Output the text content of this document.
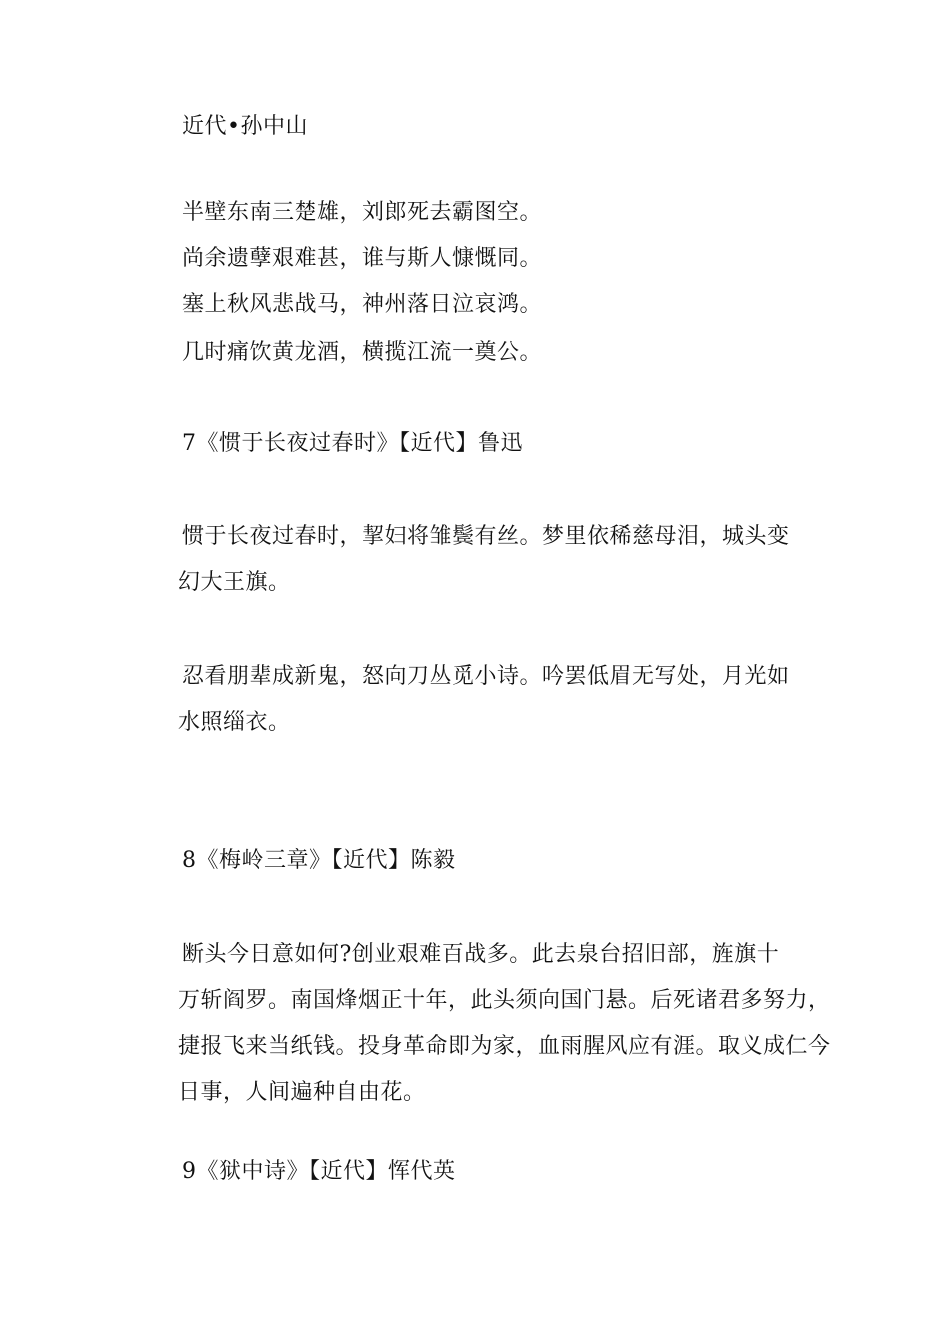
近代•孙中山
半壁东南三楚雄，刘郎死去霸图空。
尚余遗孽艰难甚，谁与斯人慷慨同。
塞上秋风悲战马，神州落日泣哀鸿。
几时痛饮黄龙酒，横揽江流一奠公。
7《惯于长夜过春时》【近代】鲁迅
惯于长夜过春时，挈妇将雏鬓有丝。梦里依稀慈母泪，城头变
幻大王旗。
忍看朋辈成新鬼，怒向刀丛觅小诗。吟罢低眉无写处，月光如
水照缁衣。
8《梅岭三章》【近代】陈毅
断头今日意如何?创业艰难百战多。此去泉台招旧部，旌旗十
万斩阎罗。南国烽烟正十年，此头须向国门悬。后死诸君多努力，
捷报飞来当纸钱。投身革命即为家，血雨腥风应有涯。取义成仁今
日事，人间遍种自由花。
9《狱中诗》【近代】恽代英
